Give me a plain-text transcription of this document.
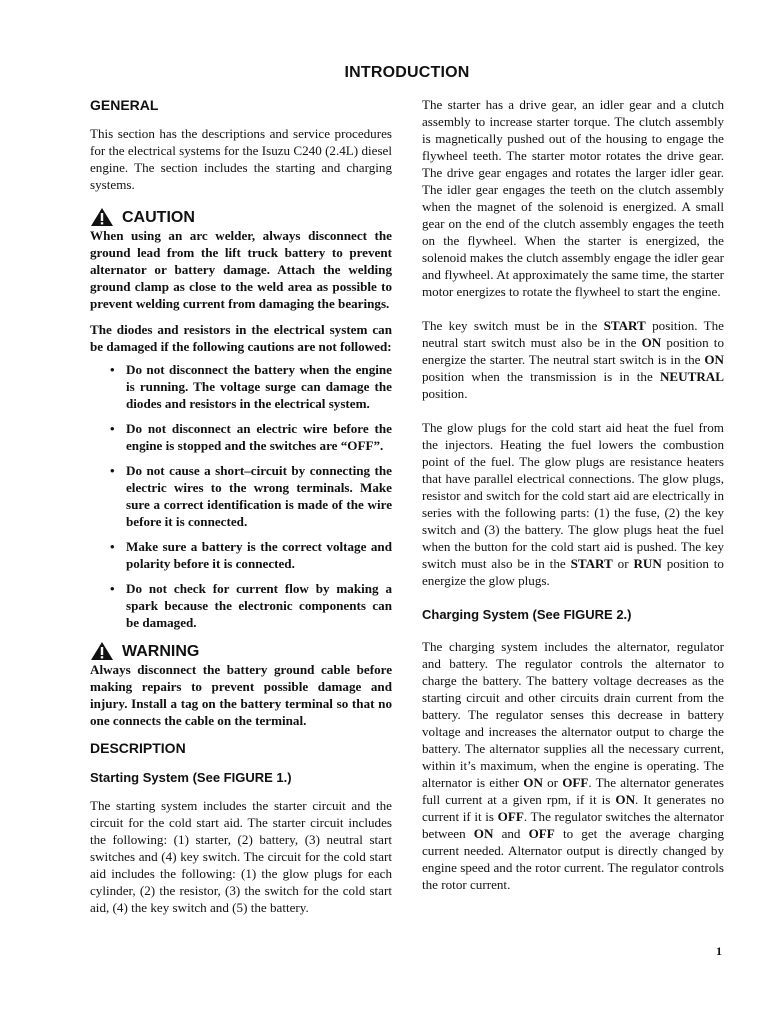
INTRODUCTION
GENERAL

This section has the descriptions and service procedures for the electrical systems for the Isuzu C240 (2.4L) diesel engine. The section includes the starting and charging systems.

CAUTION

When using an arc welder, always disconnect the ground lead from the lift truck battery to prevent alternator or battery damage. Attach the welding ground clamp as close to the weld area as possible to prevent welding current from damaging the bearings.

The diodes and resistors in the electrical system can be damaged if the following cautions are not followed:

• Do not disconnect the battery when the engine is running. The voltage surge can damage the diodes and resistors in the electrical system.
• Do not disconnect an electric wire before the engine is stopped and the switches are “OFF”.
• Do not cause a short–circuit by connecting the electric wires to the wrong terminals. Make sure a correct identification is made of the wire before it is connected.
• Make sure a battery is the correct voltage and polarity before it is connected.
• Do not check for current flow by making a spark because the electronic components can be damaged.
WARNING

Always disconnect the battery ground cable before making repairs to prevent possible damage and injury. Install a tag on the battery terminal so that no one connects the cable on the terminal.

DESCRIPTION
Starting System (See FIGURE 1.)

The starting system includes the starter circuit and the circuit for the cold start aid. The starter circuit includes the following: (1) starter, (2) battery, (3) neutral start switches and (4) key switch. The circuit for the cold start aid includes the following: (1) the glow plugs for each cylinder, (2) the resistor, (3) the switch for the cold start aid, (4) the key switch and (5) the battery.

The starter has a drive gear, an idler gear and a clutch assembly to increase starter torque. The clutch assembly is magnetically pushed out of the housing to engage the flywheel teeth. The starter motor rotates the drive gear. The drive gear engages and rotates the larger idler gear. The idler gear engages the teeth on the clutch assembly when the magnet of the solenoid is energized. A small gear on the end of the clutch assembly engages the teeth on the flywheel. When the starter is energized, the solenoid makes the clutch assembly engage the idler gear and flywheel. At approximately the same time, the starter motor energizes to rotate the flywheel to start the engine.

The key switch must be in the START position. The neutral start switch must also be in the ON position to energize the starter. The neutral start switch is in the ON position when the transmission is in the NEUTRAL position.

The glow plugs for the cold start aid heat the fuel from the injectors. Heating the fuel lowers the combustion point of the fuel. The glow plugs are resistance heaters that have parallel electrical connections. The glow plugs, resistor and switch for the cold start aid are electrically in series with the following parts: (1) the fuse, (2) the key switch and (3) the battery. The glow plugs heat the fuel when the button for the cold start aid is pushed. The key switch must also be in the START or RUN position to energize the glow plugs.

Charging System (See FIGURE 2.)

The charging system includes the alternator, regulator and battery. The regulator controls the alternator to charge the battery. The battery voltage decreases as the starting circuit and other circuits drain current from the battery. The regulator senses this decrease in battery voltage and increases the alternator output to charge the battery. The alternator supplies all the necessary current, within it’s maximum, when the engine is operating. The alternator is either ON or OFF. The alternator generates full current at a given rpm, if it is ON. It generates no current if it is OFF. The regulator switches the alternator between ON and OFF to get the average charging current needed. Alternator output is directly changed by engine speed and the rotor current. The regulator controls the rotor current.

1
